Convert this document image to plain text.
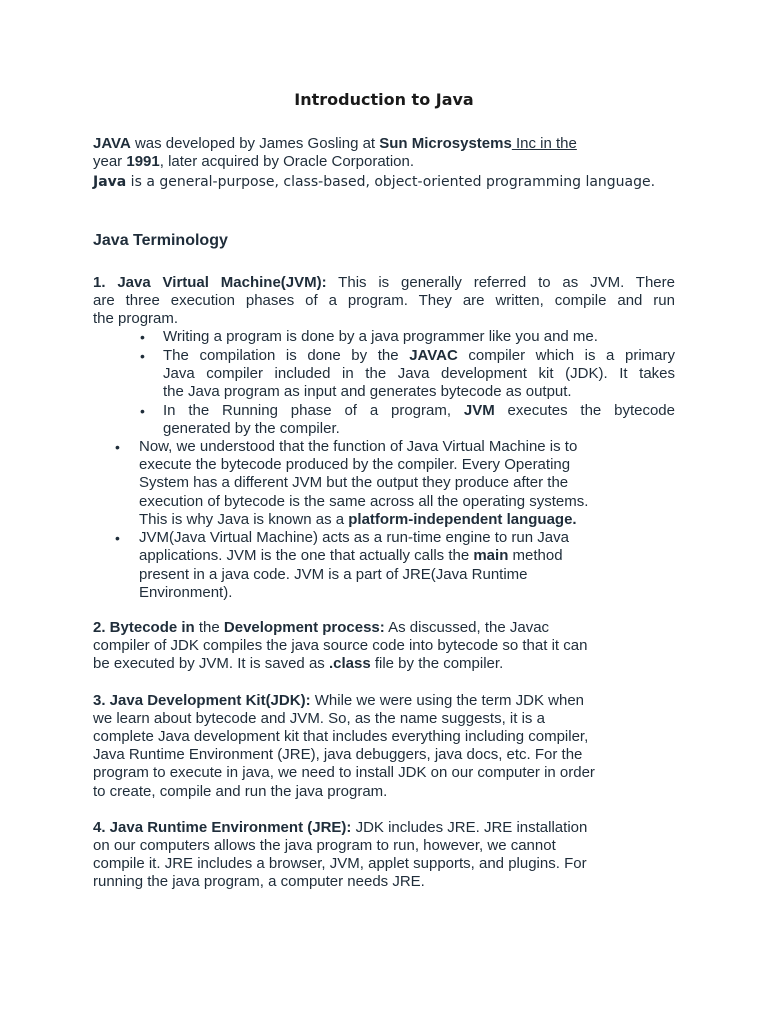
Introduction to Java
JAVA was developed by James Gosling at Sun Microsystems Inc in the
year 1991, later acquired by Oracle Corporation.
Java is a general-purpose, class-based, object-oriented programming language.
Java Terminology
1. Java Virtual Machine(JVM): This is generally referred to as JVM. There
are three execution phases of a program. They are written, compile and run
the program.
• Writing a program is done by a java programmer like you and me.
• The compilation is done by the JAVAC compiler which is a primary
Java compiler included in the Java development kit (JDK). It takes
the Java program as input and generates bytecode as output.
• In the Running phase of a program, JVM executes the bytecode
generated by the compiler.
• Now, we understood that the function of Java Virtual Machine is to
execute the bytecode produced by the compiler. Every Operating
System has a different JVM but the output they produce after the
execution of bytecode is the same across all the operating systems.
This is why Java is known as a platform-independent language.
• JVM(Java Virtual Machine) acts as a run-time engine to run Java
applications. JVM is the one that actually calls the main method
present in a java code. JVM is a part of JRE(Java Runtime
Environment).
2. Bytecode in the Development process: As discussed, the Javac
compiler of JDK compiles the java source code into bytecode so that it can
be executed by JVM. It is saved as .class file by the compiler.
3. Java Development Kit(JDK): While we were using the term JDK when
we learn about bytecode and JVM. So, as the name suggests, it is a
complete Java development kit that includes everything including compiler,
Java Runtime Environment (JRE), java debuggers, java docs, etc. For the
program to execute in java, we need to install JDK on our computer in order
to create, compile and run the java program.
4. Java Runtime Environment (JRE): JDK includes JRE. JRE installation
on our computers allows the java program to run, however, we cannot
compile it. JRE includes a browser, JVM, applet supports, and plugins. For
running the java program, a computer needs JRE.
